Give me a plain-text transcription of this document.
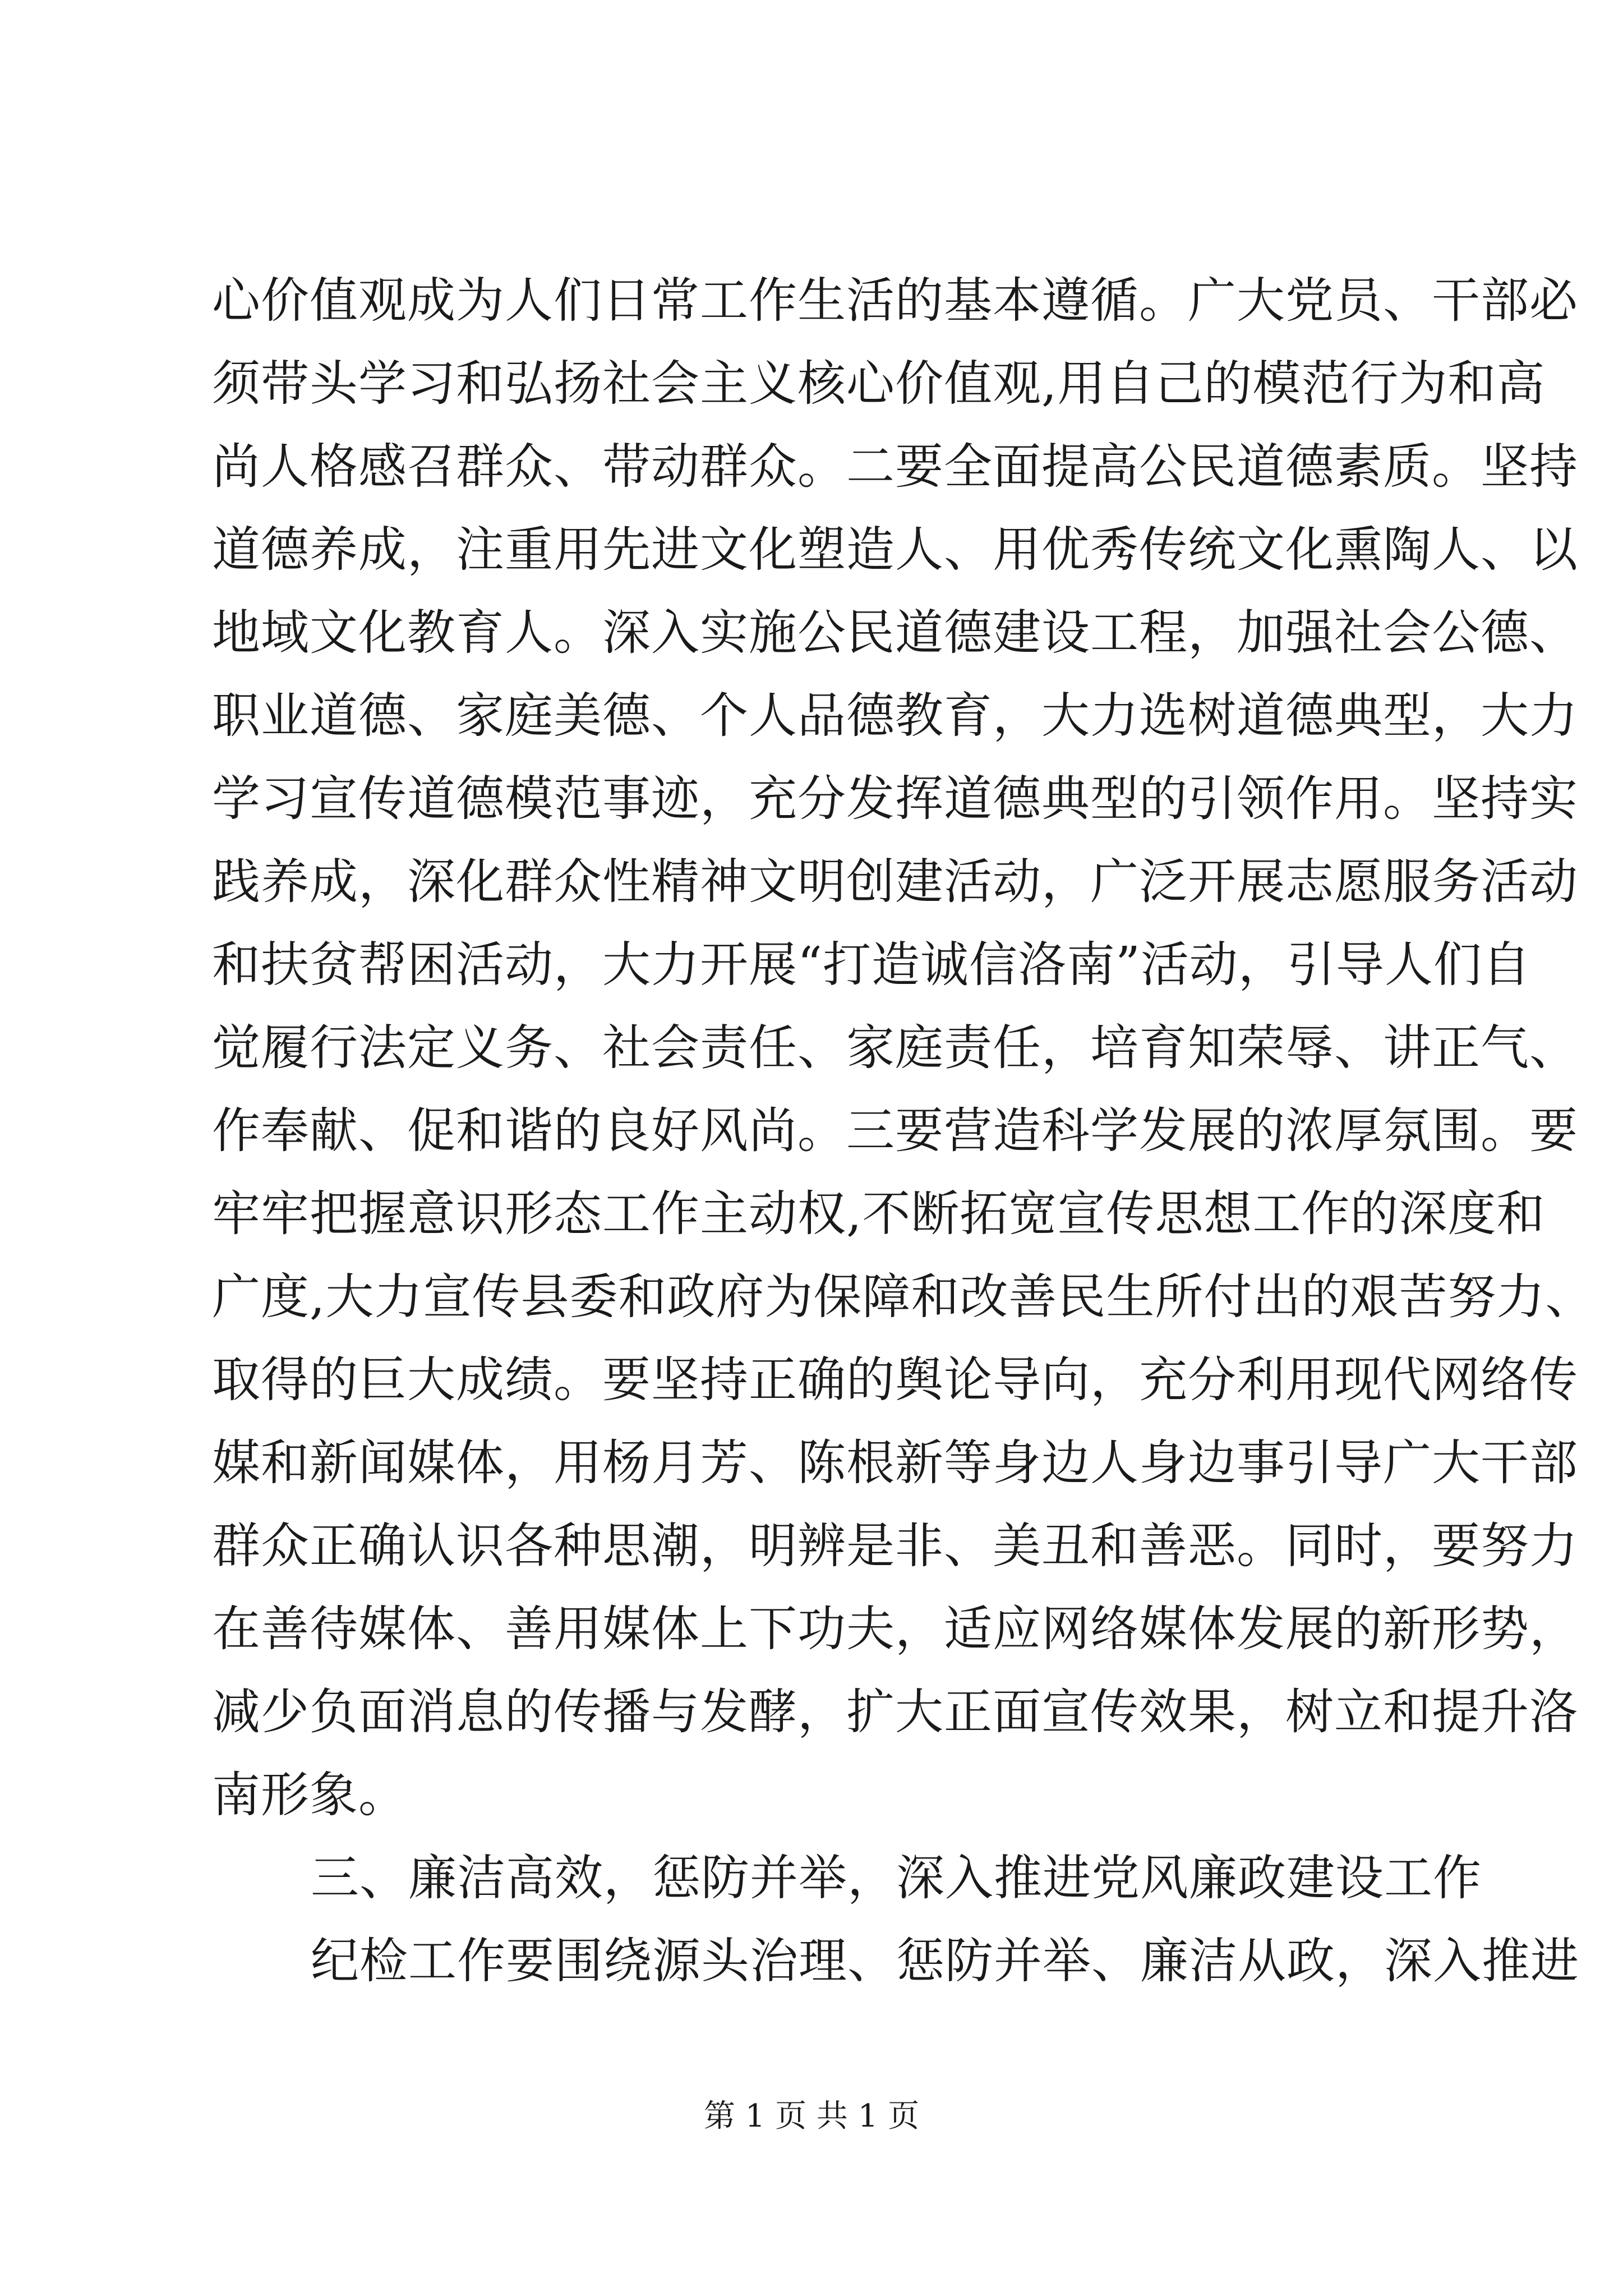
心价值观成为人们日常工作生活的基本遵循。广大党员、干部必
须带头学习和弘扬社会主义核心价值观,用自己的模范行为和高
尚人格感召群众、带动群众。二要全面提高公民道德素质。坚持
道德养成，注重用先进文化塑造人、用优秀传统文化熏陶人、以
地域文化教育人。深入实施公民道德建设工程，加强社会公德、
职业道德、家庭美德、个人品德教育，大力选树道德典型，大力
学习宣传道德模范事迹，充分发挥道德典型的引领作用。坚持实
践养成，深化群众性精神文明创建活动，广泛开展志愿服务活动
和扶贫帮困活动，大力开展“打造诚信洛南”活动，引导人们自
觉履行法定义务、社会责任、家庭责任，培育知荣辱、讲正气、
作奉献、促和谐的良好风尚。三要营造科学发展的浓厚氛围。要
牢牢把握意识形态工作主动权,不断拓宽宣传思想工作的深度和
广度,大力宣传县委和政府为保障和改善民生所付出的艰苦努力、
取得的巨大成绩。要坚持正确的舆论导向，充分利用现代网络传
媒和新闻媒体，用杨月芳、陈根新等身边人身边事引导广大干部
群众正确认识各种思潮，明辨是非、美丑和善恶。同时，要努力
在善待媒体、善用媒体上下功夫，适应网络媒体发展的新形势，
减少负面消息的传播与发酵，扩大正面宣传效果，树立和提升洛
南形象。
三、廉洁高效，惩防并举，深入推进党风廉政建设工作
纪检工作要围绕源头治理、惩防并举、廉洁从政，深入推进
第 1 页 共 1 页
